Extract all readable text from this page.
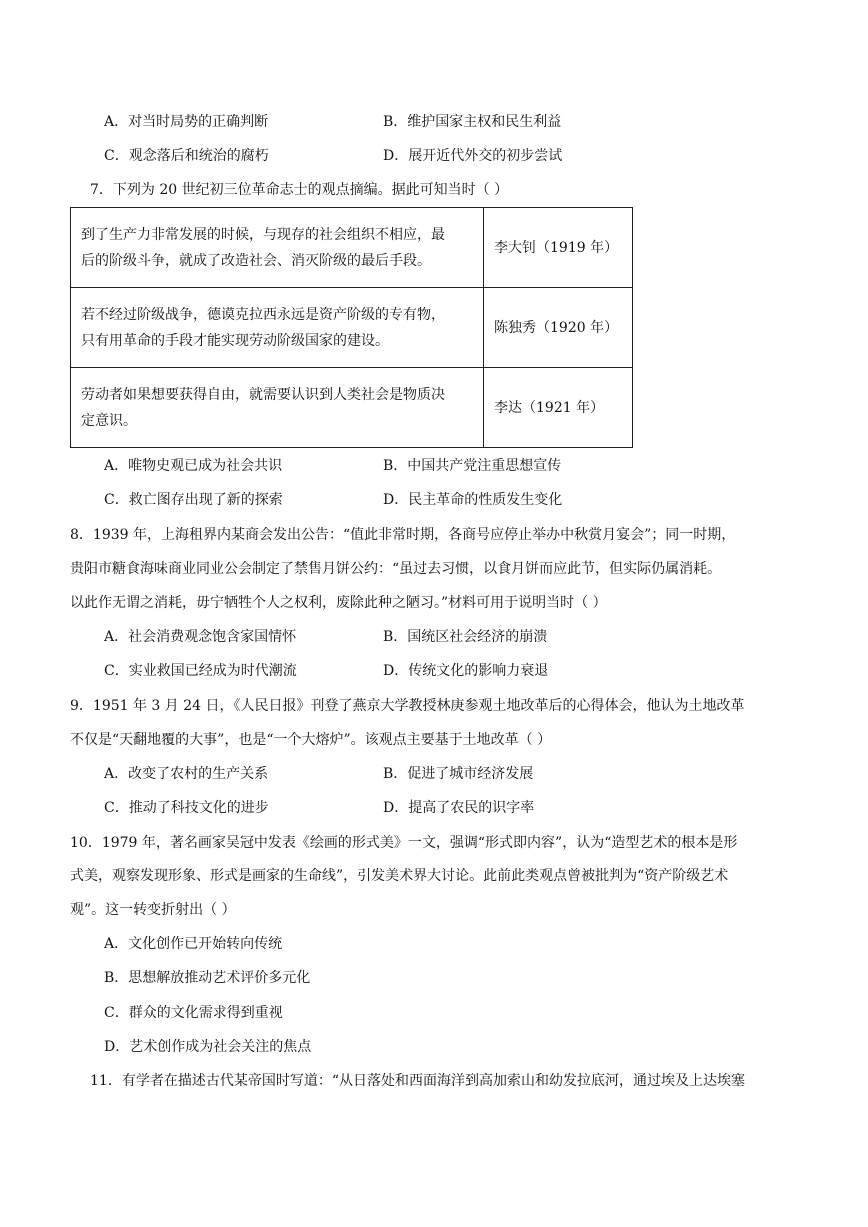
A．对当时局势的正确判断	B．维护国家主权和民生利益
C．观念落后和统治的腐朽	D．展开近代外交的初步尝试
7．下列为 20 世纪初三位革命志士的观点摘编。据此可知当时（ ）
到了生产力非常发展的时候，与现存的社会组织不相应，最
后的阶级斗争，就成了改造社会、消灭阶级的最后手段。	李大钊（1919 年）

若不经过阶级战争，德谟克拉西永远是资产阶级的专有物，
只有用革命的手段才能实现劳动阶级国家的建设。	陈独秀（1920 年）

劳动者如果想要获得自由，就需要认识到人类社会是物质决
定意识。	李达（1921 年）
A．唯物史观已成为社会共识	B．中国共产党注重思想宣传
C．救亡图存出现了新的探索	D．民主革命的性质发生变化
8．1939 年，上海租界内某商会发出公告：“值此非常时期，各商号应停止举办中秋赏月宴会”；同一时期，
贵阳市糖食海味商业同业公会制定了禁售月饼公约：“虽过去习惯，以食月饼而应此节，但实际仍属消耗。
以此作无谓之消耗，毋宁牺牲个人之权利，废除此种之陋习。”材料可用于说明当时（ ）
A．社会消费观念饱含家国情怀	B．国统区社会经济的崩溃
C．实业救国已经成为时代潮流	D．传统文化的影响力衰退
9．1951 年 3 月 24 日，《人民日报》刊登了燕京大学教授林庚参观土地改革后的心得体会，他认为土地改革
不仅是“天翻地覆的大事”，也是“一个大熔炉”。该观点主要基于土地改革（ ）
A．改变了农村的生产关系	B．促进了城市经济发展
C．推动了科技文化的进步	D．提高了农民的识字率
10．1979 年，著名画家吴冠中发表《绘画的形式美》一文，强调“形式即内容”，认为“造型艺术的根本是形
式美，观察发现形象、形式是画家的生命线”，引发美术界大讨论。此前此类观点曾被批判为“资产阶级艺术
观”。这一转变折射出（ ）
A．文化创作已开始转向传统
B．思想解放推动艺术评价多元化
C．群众的文化需求得到重视
D．艺术创作成为社会关注的焦点
11．有学者在描述古代某帝国时写道：“从日落处和西面海洋到高加索山和幼发拉底河，通过埃及上达埃塞
